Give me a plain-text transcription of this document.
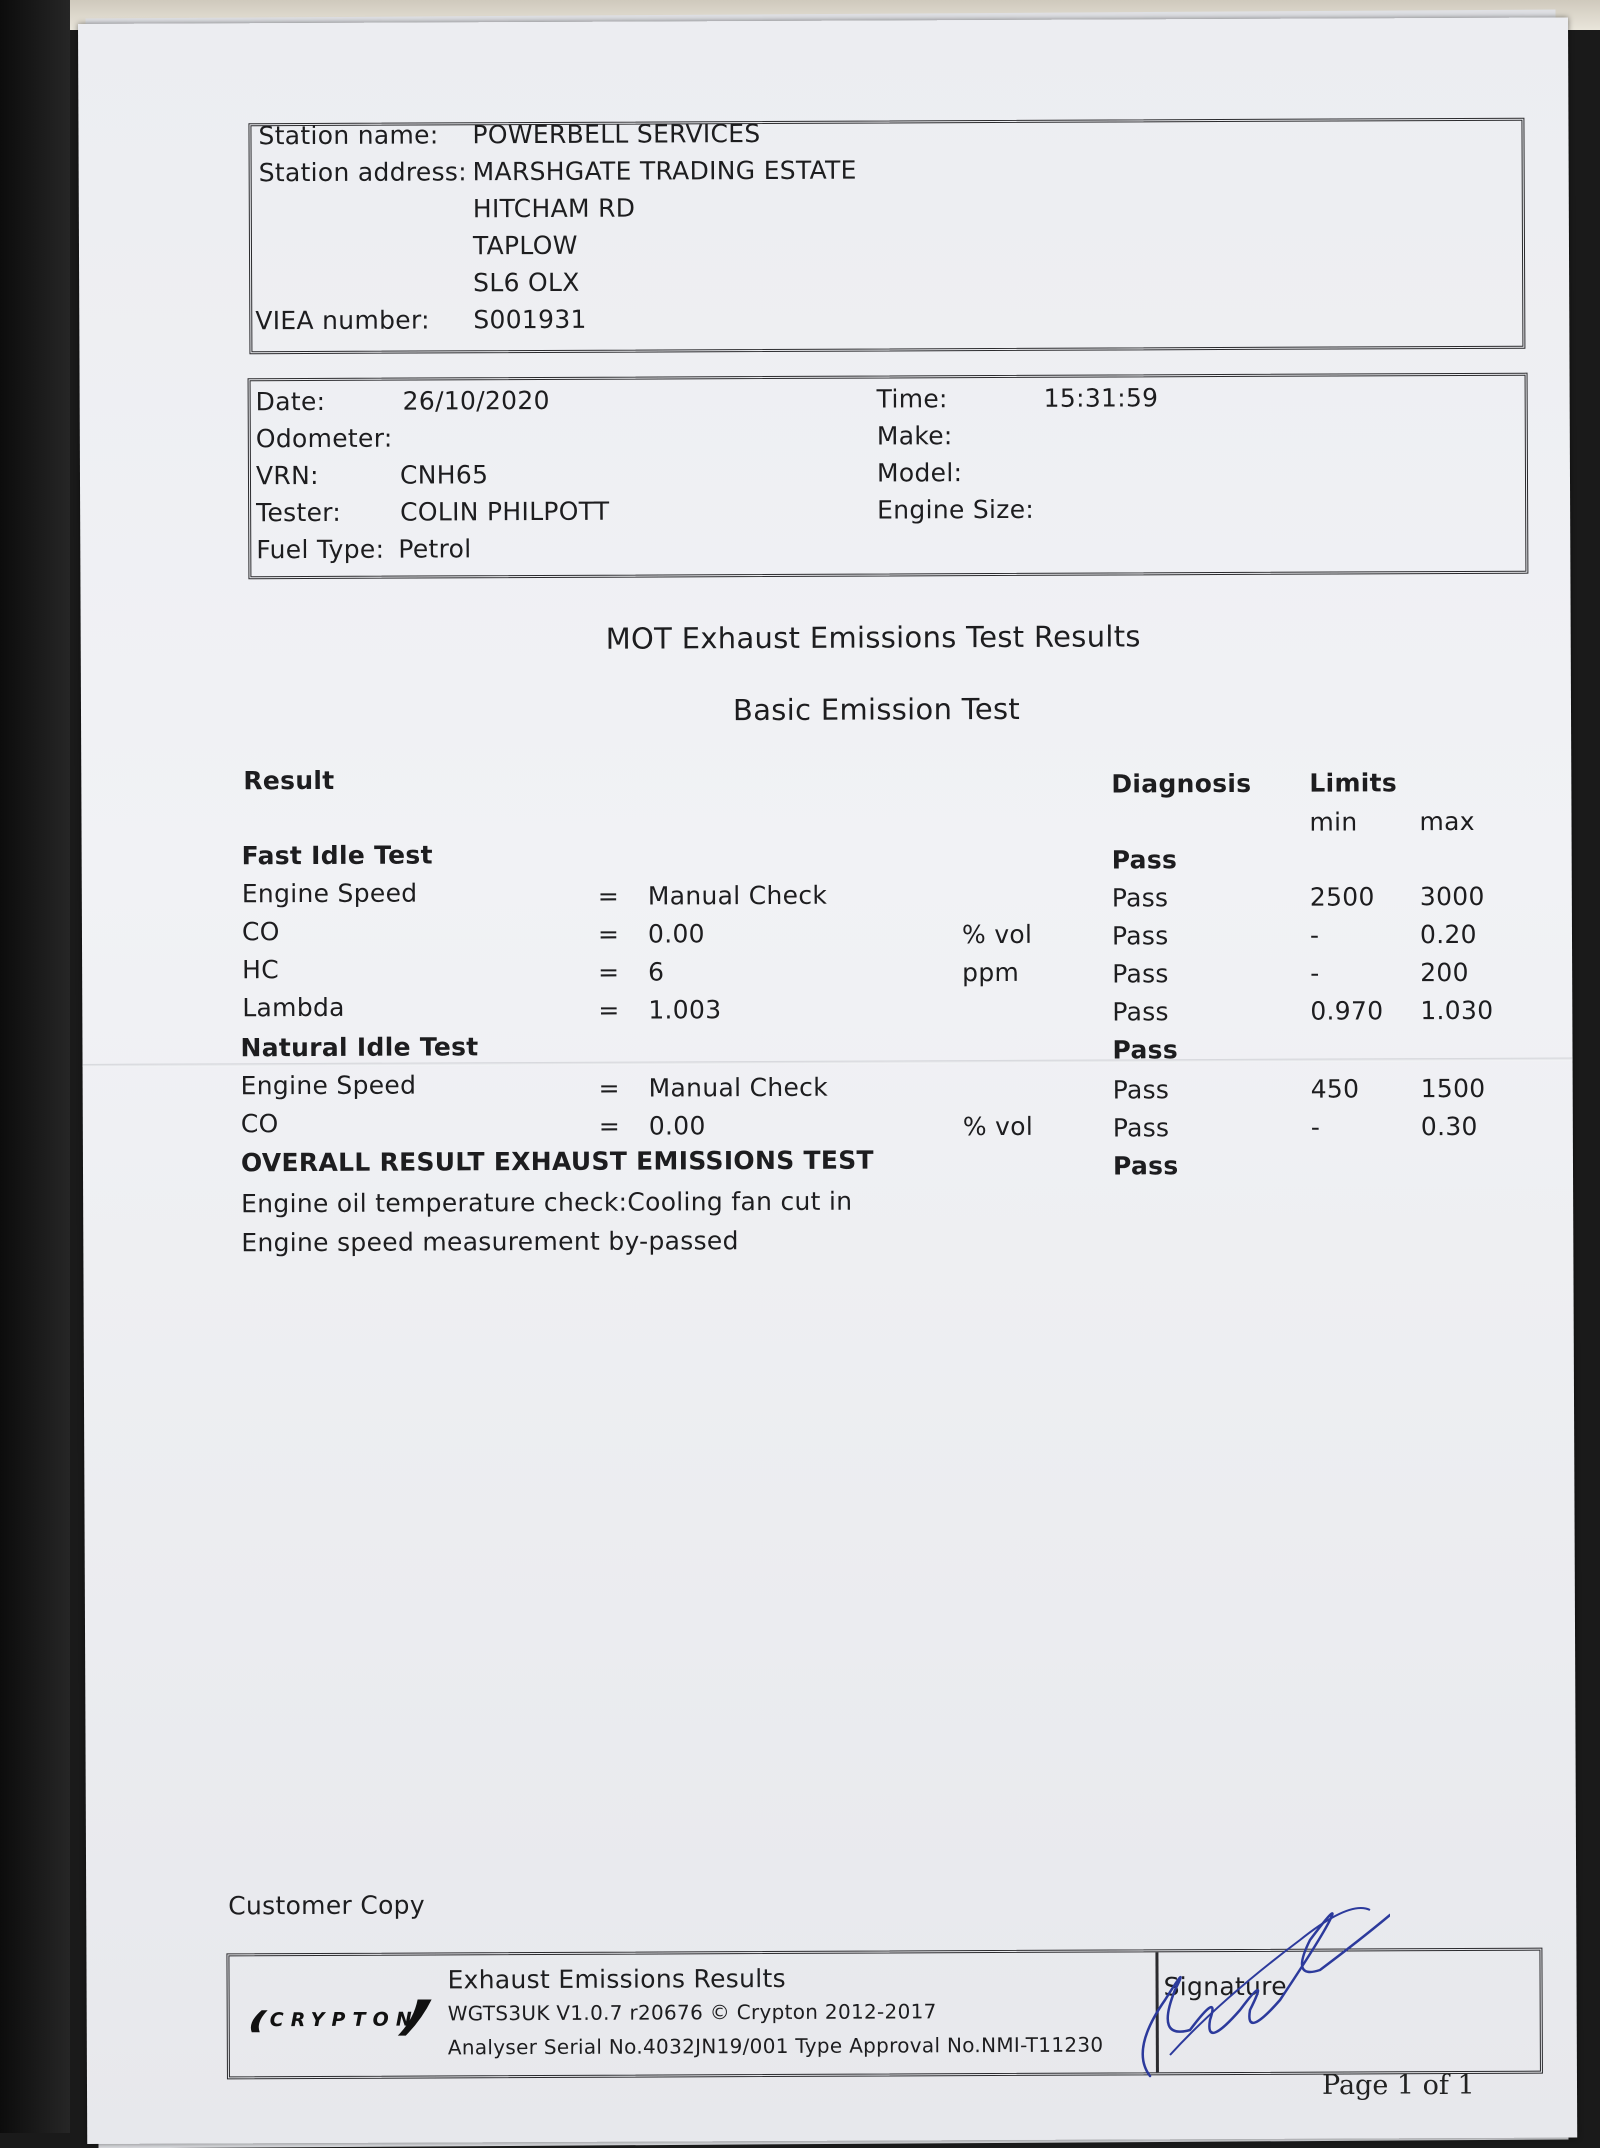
Station name: POWERBELL SERVICES
Station address: MARSHGATE TRADING ESTATE
HITCHAM RD
TAPLOW
SL6 OLX
VIEA number: S001931
Date:	26/10/2020	Time:	15:31:59
Odometer:	Make:
VRN:	CNH65	Model:
Tester: COLIN PHILPOTT	Engine Size:
Fuel Type: Petrol
MOT Exhaust Emissions Test Results
Basic Emission Test
Result	Diagnosis Limits
min max
Fast Idle Test	Pass
Engine Speed	= Manual Check	Pass	2500 3000
CO	= 0.00	% vol	Pass	-	0.20
HC	= 6	ppm	Pass	-	200
Lambda	= 1.003	Pass	0.970 1.030
Natural Idle Test	Pass
Engine Speed	= Manual Check	Pass	450 1500
CO	= 0.00	% vol	Pass	-	0.30
OVERALL RESULT EXHAUST EMISSIONS TEST	Pass
Engine oil temperature check:Cooling fan cut in
Engine speed measurement by-passed
Customer Copy
CRYPTON
Exhaust Emissions Results
WGTS3UK V1.0.7 r20676 © Crypton 2012-2017
Analyser Serial No.4032JN19/001 Type Approval No.NMI-T11230
Signature
Page 1 of 1
